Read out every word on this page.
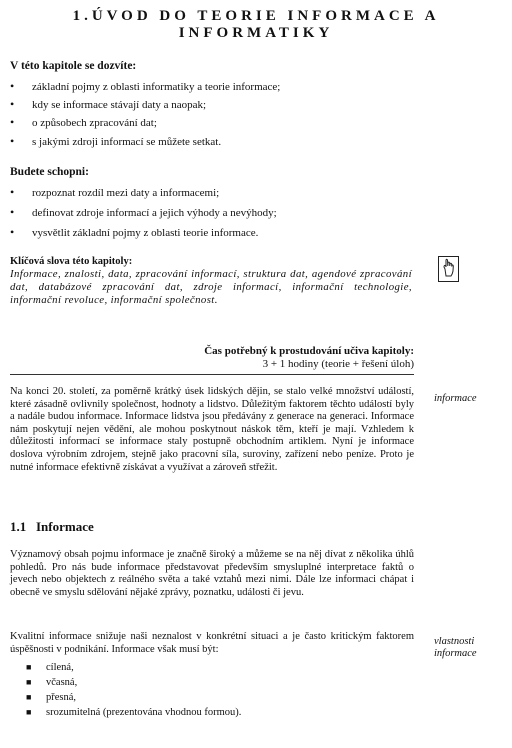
1.ÚVOD DO TEORIE INFORMACE A
INFORMATIKY
V této kapitole se dozvíte:
• základní pojmy z oblasti informatiky a teorie informace;
• kdy se informace stávají daty a naopak;
• o způsobech zpracování dat;
• s jakými zdroji informací se můžete setkat.
Budete schopni:
• rozpoznat rozdíl mezi daty a informacemi;
• definovat zdroje informací a jejich výhody a nevýhody;
• vysvětlit základní pojmy z oblasti teorie informace.
Klíčová slova této kapitoly:
Informace, znalosti, data, zpracování informací, struktura dat, agendové zpracování dat, databázové zpracování dat, zdroje informací, informační technologie, informační revoluce, informační společnost.
Čas potřebný k prostudování učiva kapitoly:
3 + 1 hodiny (teorie + řešení úloh)
Na konci 20. století, za poměrně krátký úsek lidských dějin, se stalo velké množství událostí, které zásadně ovlivnily společnost, hodnoty a lidstvo. Důležitým faktorem těchto událostí byly a nadále budou informace. Informace lidstva jsou předávány z generace na generaci. Informace nám poskytují nejen vědění, ale mohou poskytnout náskok těm, kteří je mají. Vzhledem k důležitosti informací se informace staly postupně obchodním artiklem. Nyní je informace doslova výrobním zdrojem, stejně jako pracovní síla, suroviny, zařízení nebo peníze. Proto je nutné informace efektivně získávat a využívat a zároveň střežit.
informace
1.1 Informace
Významový obsah pojmu informace je značně široký a můžeme se na něj dívat z několika úhlů pohledů. Pro nás bude informace představovat především smysluplné interpretace faktů o jevech nebo objektech z reálného světa a také vztahů mezi nimi. Dále lze informaci chápat i obecně ve smyslu sdělování nějaké zprávy, poznatku, události či jevu.
Kvalitní informace snižuje naši neznalost v konkrétní situaci a je často kritickým faktorem úspěšnosti v podnikání. Informace však musí být:
vlastnosti informace
■ cílená,
■ včasná,
■ přesná,
■ srozumitelná (prezentována vhodnou formou).
